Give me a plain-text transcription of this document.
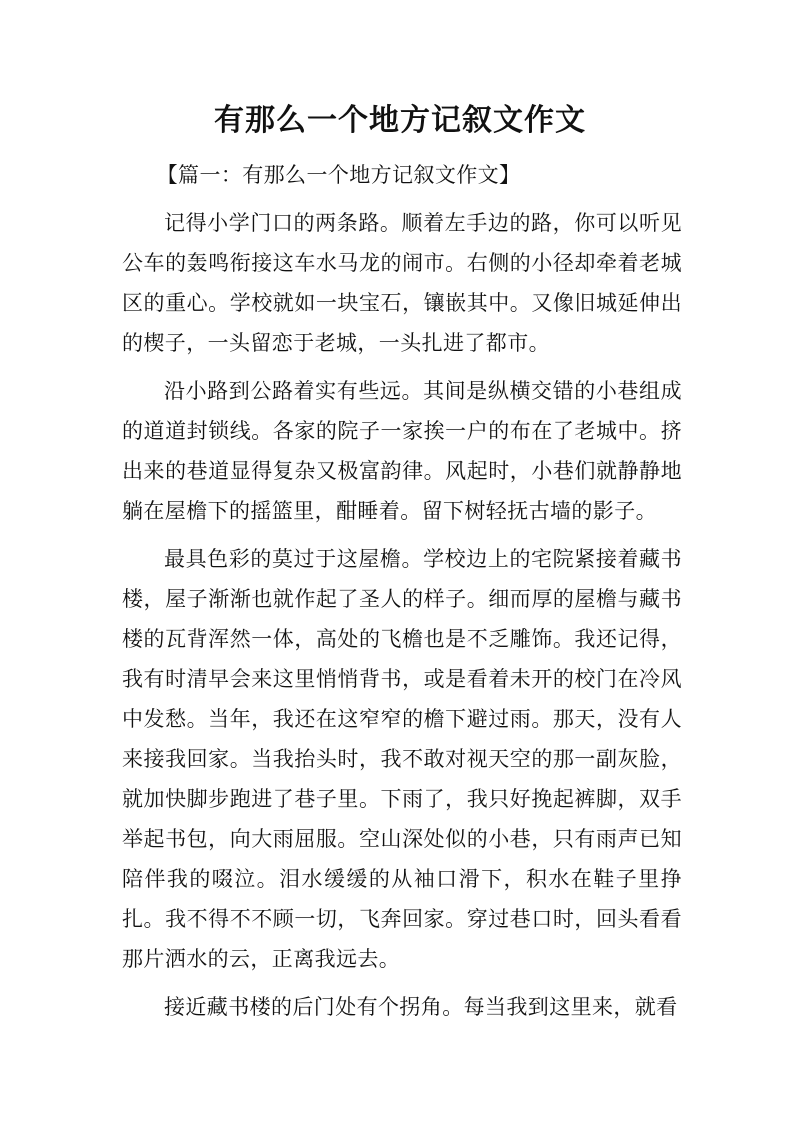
有那么一个地方记叙文作文

【篇一：有那么一个地方记叙文作文】

记得小学门口的两条路。顺着左手边的路，你可以听见公车的轰鸣衔接这车水马龙的闹市。右侧的小径却牵着老城区的重心。学校就如一块宝石，镶嵌其中。又像旧城延伸出的楔子，一头留恋于老城，一头扎进了都市。

沿小路到公路着实有些远。其间是纵横交错的小巷组成的道道封锁线。各家的院子一家挨一户的布在了老城中。挤出来的巷道显得复杂又极富韵律。风起时，小巷们就静静地躺在屋檐下的摇篮里，酣睡着。留下树轻抚古墙的影子。

最具色彩的莫过于这屋檐。学校边上的宅院紧接着藏书楼，屋子渐渐也就作起了圣人的样子。细而厚的屋檐与藏书楼的瓦背浑然一体，高处的飞檐也是不乏雕饰。我还记得，我有时清早会来这里悄悄背书，或是看着未开的校门在冷风中发愁。当年，我还在这窄窄的檐下避过雨。那天，没有人来接我回家。当我抬头时，我不敢对视天空的那一副灰脸，就加快脚步跑进了巷子里。下雨了，我只好挽起裤脚，双手举起书包，向大雨屈服。空山深处似的小巷，只有雨声已知陪伴我的啜泣。泪水缓缓的从袖口滑下，积水在鞋子里挣扎。我不得不不顾一切，飞奔回家。穿过巷口时，回头看看那片洒水的云，正离我远去。

接近藏书楼的后门处有个拐角。每当我到这里来，就看
